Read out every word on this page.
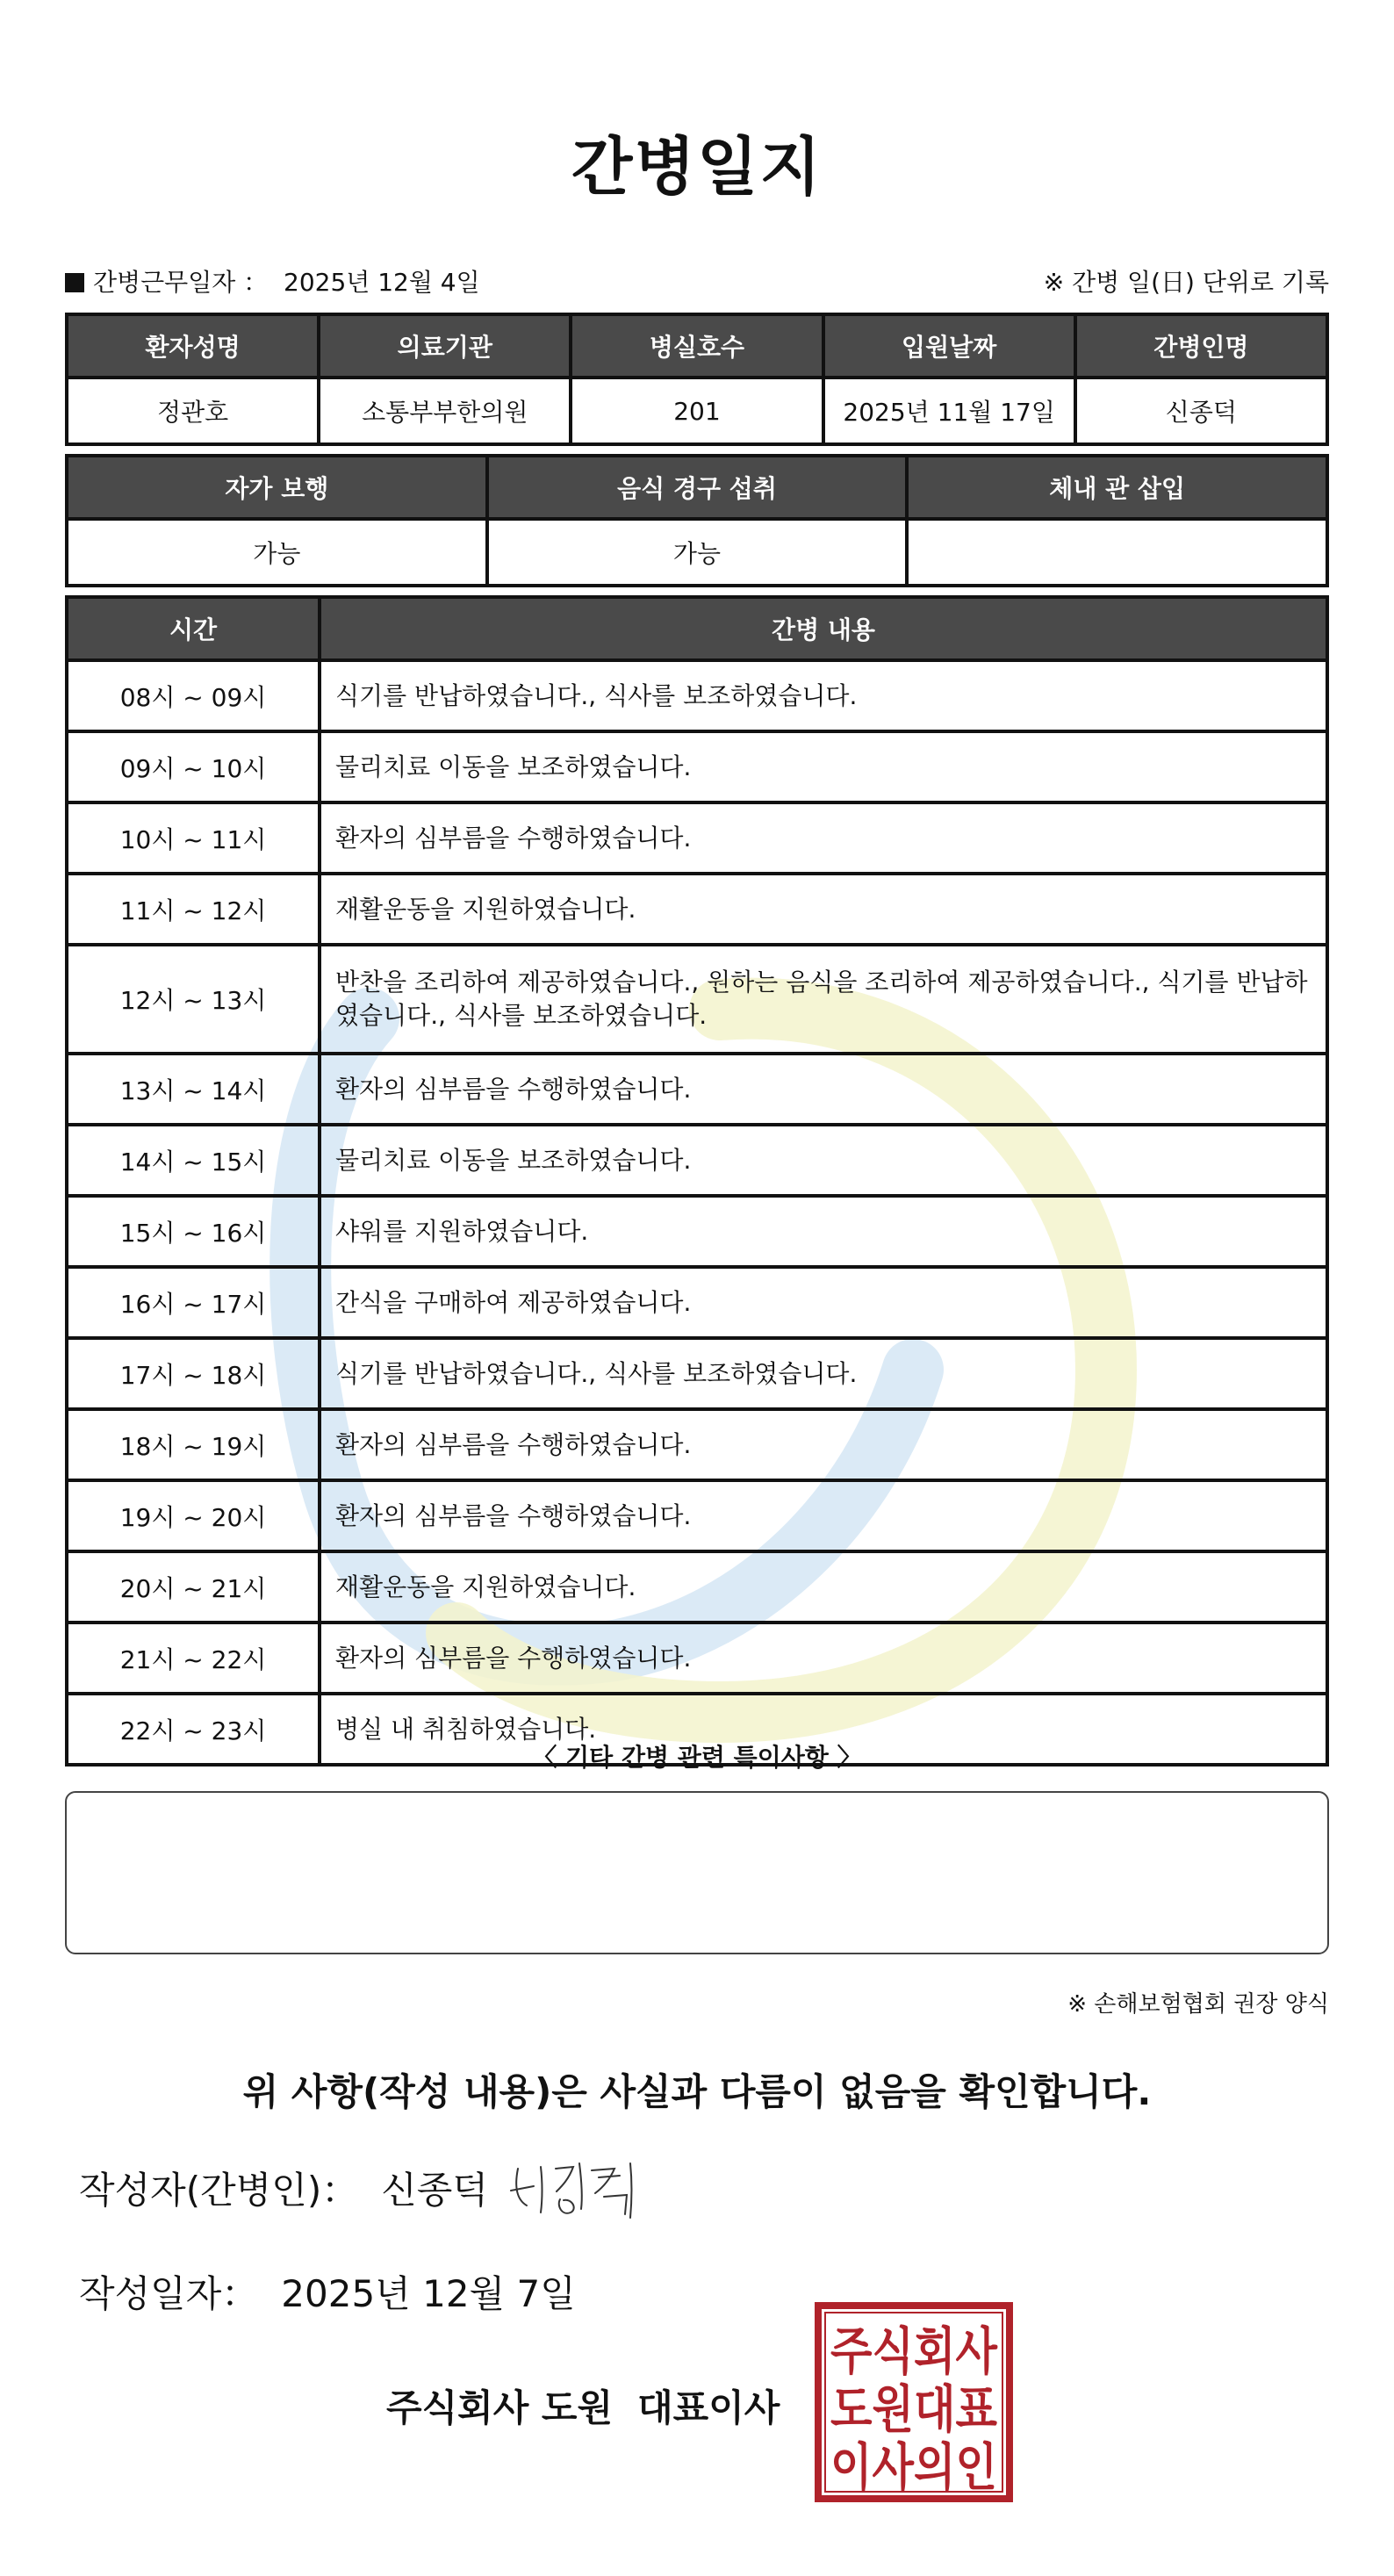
간병일지
간병근무일자 ： 2025년 12월 4일	※ 간병 일(日) 단위로 기록
환자성명	의료기관	병실호수	입원날짜	간병인명
정관호	소통부부한의원	201	2025년 11월 17일	신종덕
자가 보행	음식 경구 섭취	체내 관 삽입
가능	가능	
시간	간병 내용
08시 ~ 09시	식기를 반납하였습니다., 식사를 보조하였습니다.
09시 ~ 10시	물리치료 이동을 보조하였습니다.
10시 ~ 11시	환자의 심부름을 수행하였습니다.
11시 ~ 12시	재활운동을 지원하였습니다.
12시 ~ 13시	반찬을 조리하여 제공하였습니다., 원하는 음식을 조리하여 제공하였습니다., 식기를 반납하였습니다., 식사를 보조하였습니다.
13시 ~ 14시	환자의 심부름을 수행하였습니다.
14시 ~ 15시	물리치료 이동을 보조하였습니다.
15시 ~ 16시	샤워를 지원하였습니다.
16시 ~ 17시	간식을 구매하여 제공하였습니다.
17시 ~ 18시	식기를 반납하였습니다., 식사를 보조하였습니다.
18시 ~ 19시	환자의 심부름을 수행하였습니다.
19시 ~ 20시	환자의 심부름을 수행하였습니다.
20시 ~ 21시	재활운동을 지원하였습니다.
21시 ~ 22시	환자의 심부름을 수행하였습니다.
22시 ~ 23시	병실 내 취침하였습니다.
〈 기타 간병 관련 특이사항 〉
※ 손해보험협회 권장 양식
위 사항(작성 내용)은 사실과 다름이 없음을 확인합니다.
작성자(간병인)： 신종덕
작성일자： 2025년 12월 7일
주식회사 도원 대표이사
주식회사
도원대표
이사의인
